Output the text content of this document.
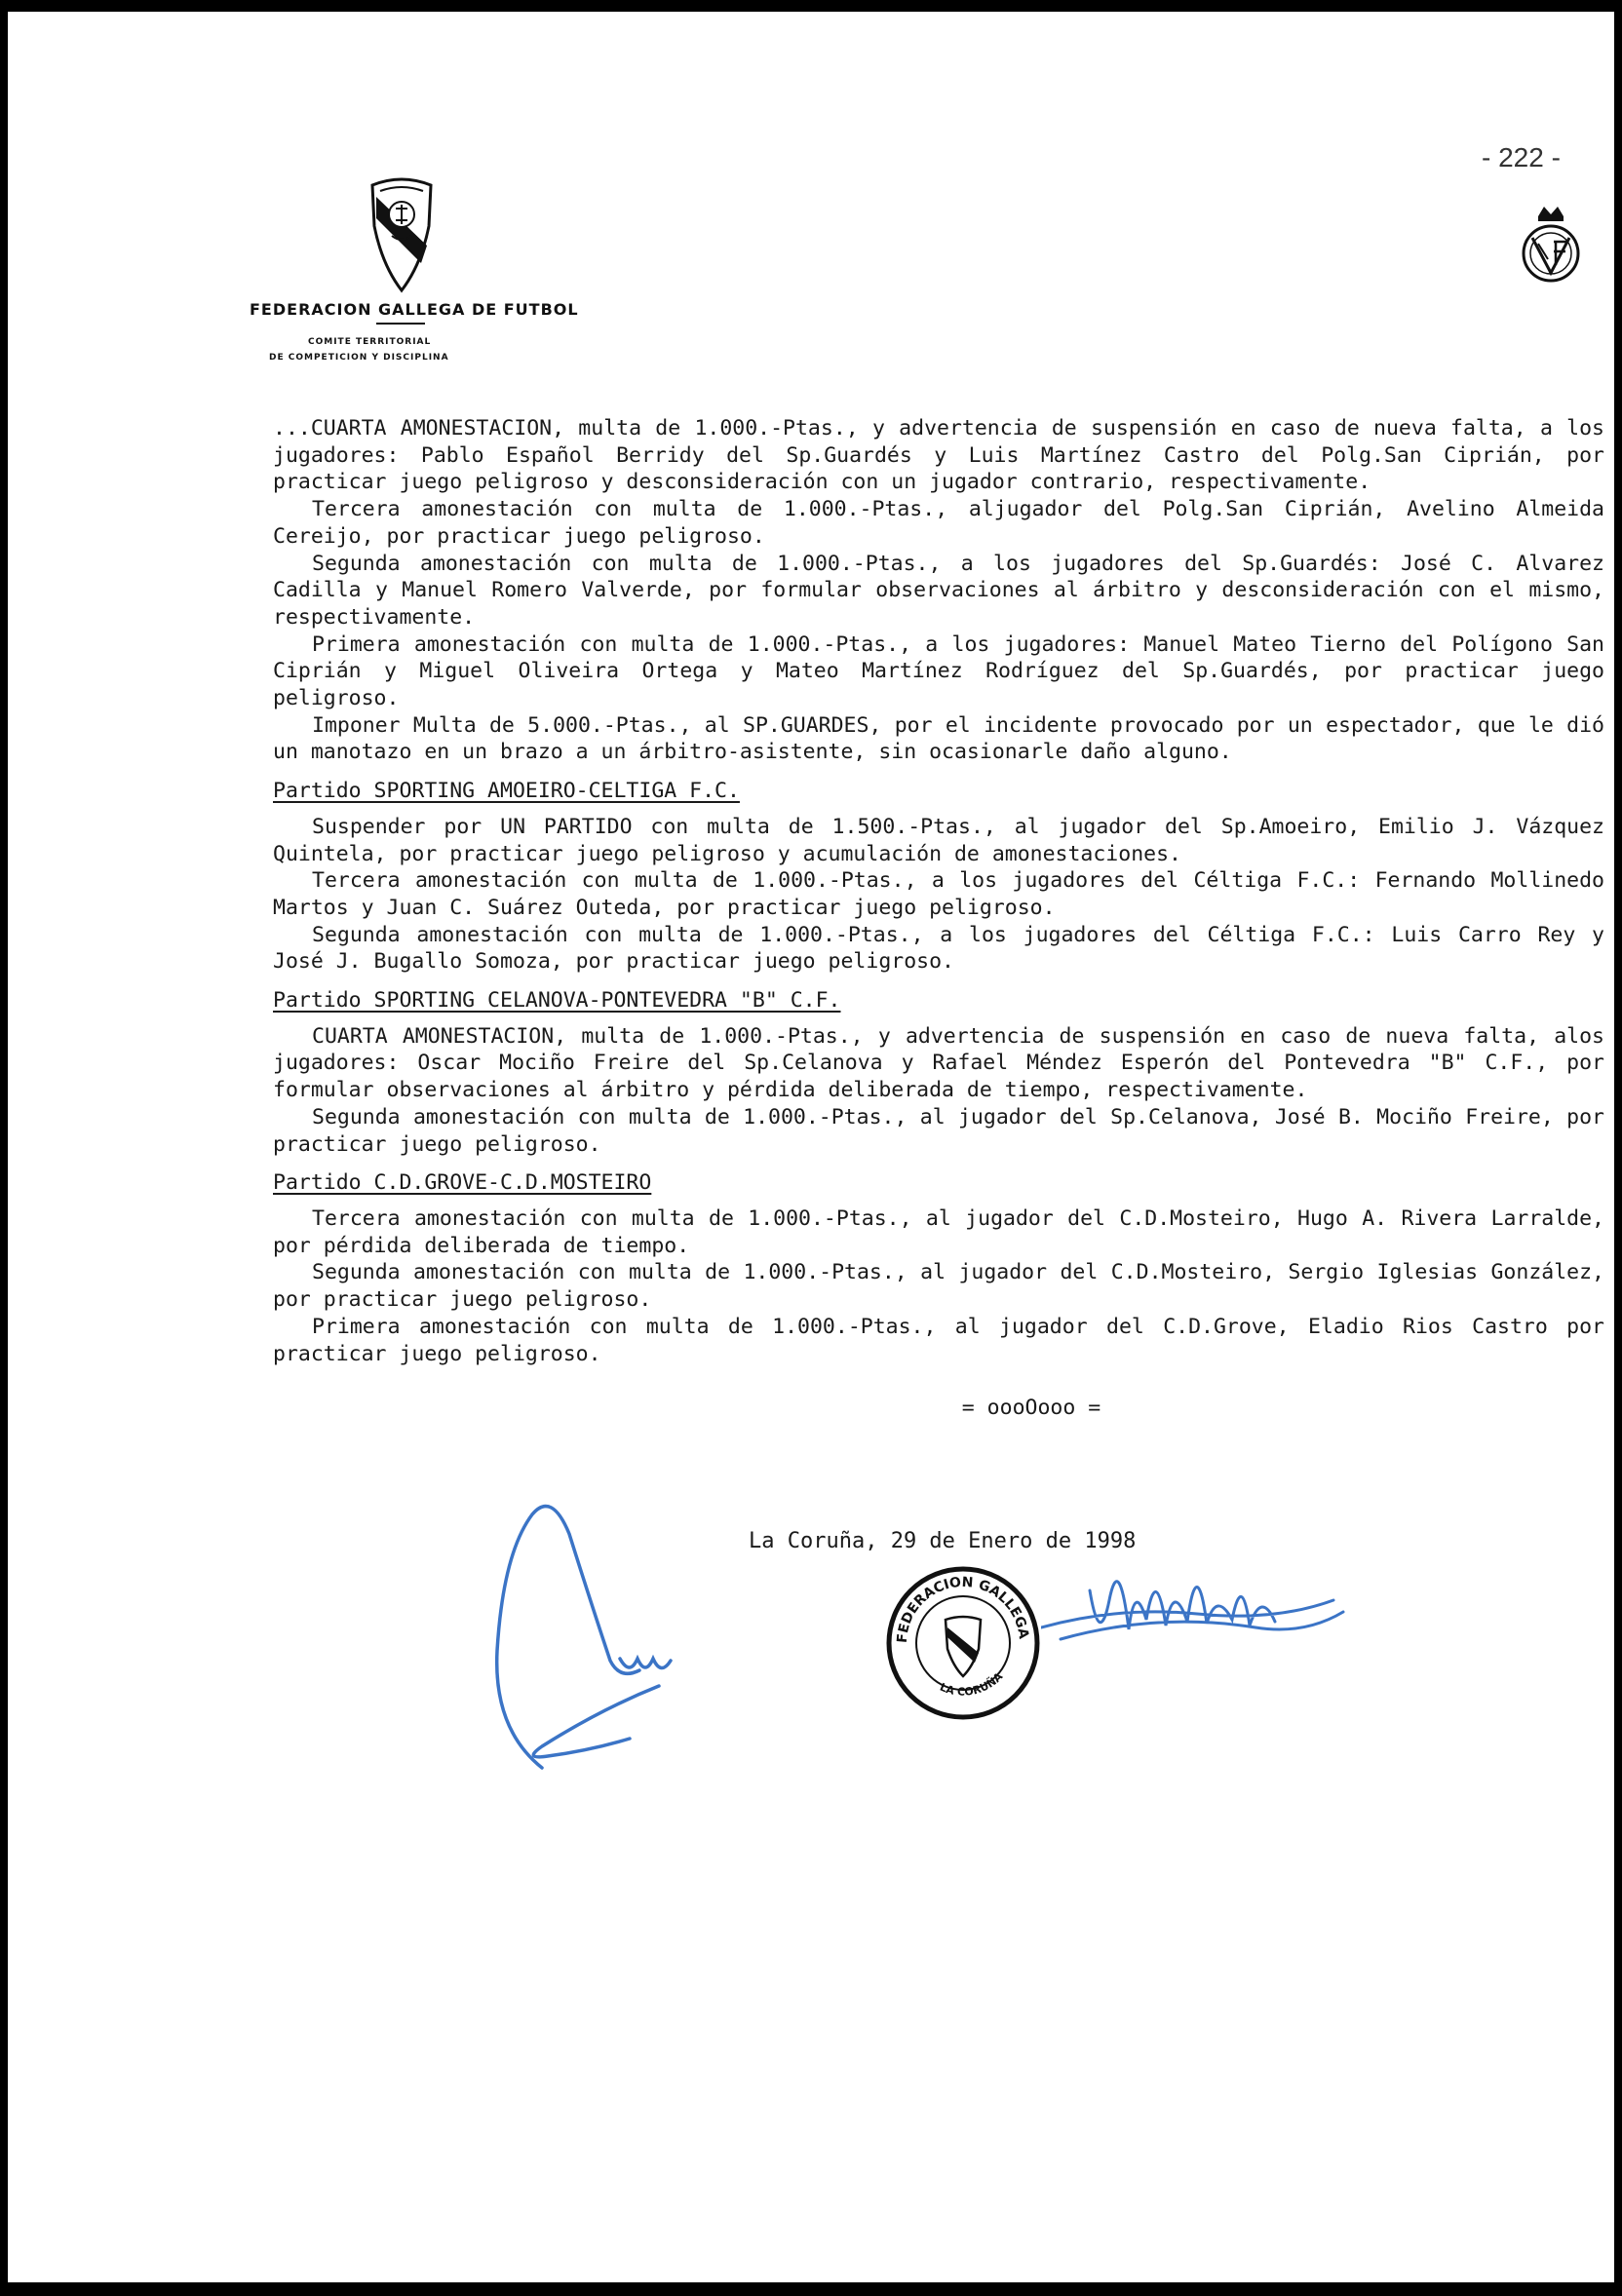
- 222 -
FEDERACION GALLEGA DE FUTBOL
COMITE TERRITORIAL
DE COMPETICION Y DISCIPLINA

...CUARTA AMONESTACION, multa de 1.000.-Ptas., y advertencia de suspensión en caso de nueva falta, a los jugadores: Pablo Español Berridy del Sp.Guardés y Luis Martínez Castro del Polg.San Ciprián, por practicar juego peligroso y desconsideración con un jugador contrario, respectivamente.

Tercera amonestación con multa de 1.000.-Ptas., aljugador del Polg.San Ciprián, Avelino Almeida Cereijo, por practicar juego peligroso.

Segunda amonestación con multa de 1.000.-Ptas., a los jugadores del Sp.Guardés: José C. Alvarez Cadilla y Manuel Romero Valverde, por formular observaciones al árbitro y desconsideración con el mismo, respectivamente.

Primera amonestación con multa de 1.000.-Ptas., a los jugadores: Manuel Mateo Tierno del Polígono San Ciprián y Miguel Oliveira Ortega y Mateo Martínez Rodríguez del Sp.Guardés, por practicar juego peligroso.

Imponer Multa de 5.000.-Ptas., al SP.GUARDES, por el incidente provocado por un espectador, que le dió un manotazo en un brazo a un árbitro-asistente, sin ocasionarle daño alguno.

Partido SPORTING AMOEIRO-CELTIGA F.C.

Suspender por UN PARTIDO con multa de 1.500.-Ptas., al jugador del Sp.Amoeiro, Emilio J. Vázquez Quintela, por practicar juego peligroso y acumulación de amonestaciones.

Tercera amonestación con multa de 1.000.-Ptas., a los jugadores del Céltiga F.C.: Fernando Mollinedo Martos y Juan C. Suárez Outeda, por practicar juego peligroso.

Segunda amonestación con multa de 1.000.-Ptas., a los jugadores del Céltiga F.C.: Luis Carro Rey y José J. Bugallo Somoza, por practicar juego peligroso.

Partido SPORTING CELANOVA-PONTEVEDRA "B" C.F.

CUARTA AMONESTACION, multa de 1.000.-Ptas., y advertencia de suspensión en caso de nueva falta, alos jugadores: Oscar Mociño Freire del Sp.Celanova y Rafael Méndez Esperón del Pontevedra "B" C.F., por formular observaciones al árbitro y pérdida deliberada de tiempo, respectivamente.

Segunda amonestación con multa de 1.000.-Ptas., al jugador del Sp.Celanova, José B. Mociño Freire, por practicar juego peligroso.

Partido C.D.GROVE-C.D.MOSTEIRO

Tercera amonestación con multa de 1.000.-Ptas., al jugador del C.D.Mosteiro, Hugo A. Rivera Larralde, por pérdida deliberada de tiempo.

Segunda amonestación con multa de 1.000.-Ptas., al jugador del C.D.Mosteiro, Sergio Iglesias González, por practicar juego peligroso.

Primera amonestación con multa de 1.000.-Ptas., al jugador del C.D.Grove, Eladio Rios Castro por practicar juego peligroso.

= oooOooo =
La Coruña, 29 de Enero de 1998
FEDERACION GALLEGA
LA CORUÑA
